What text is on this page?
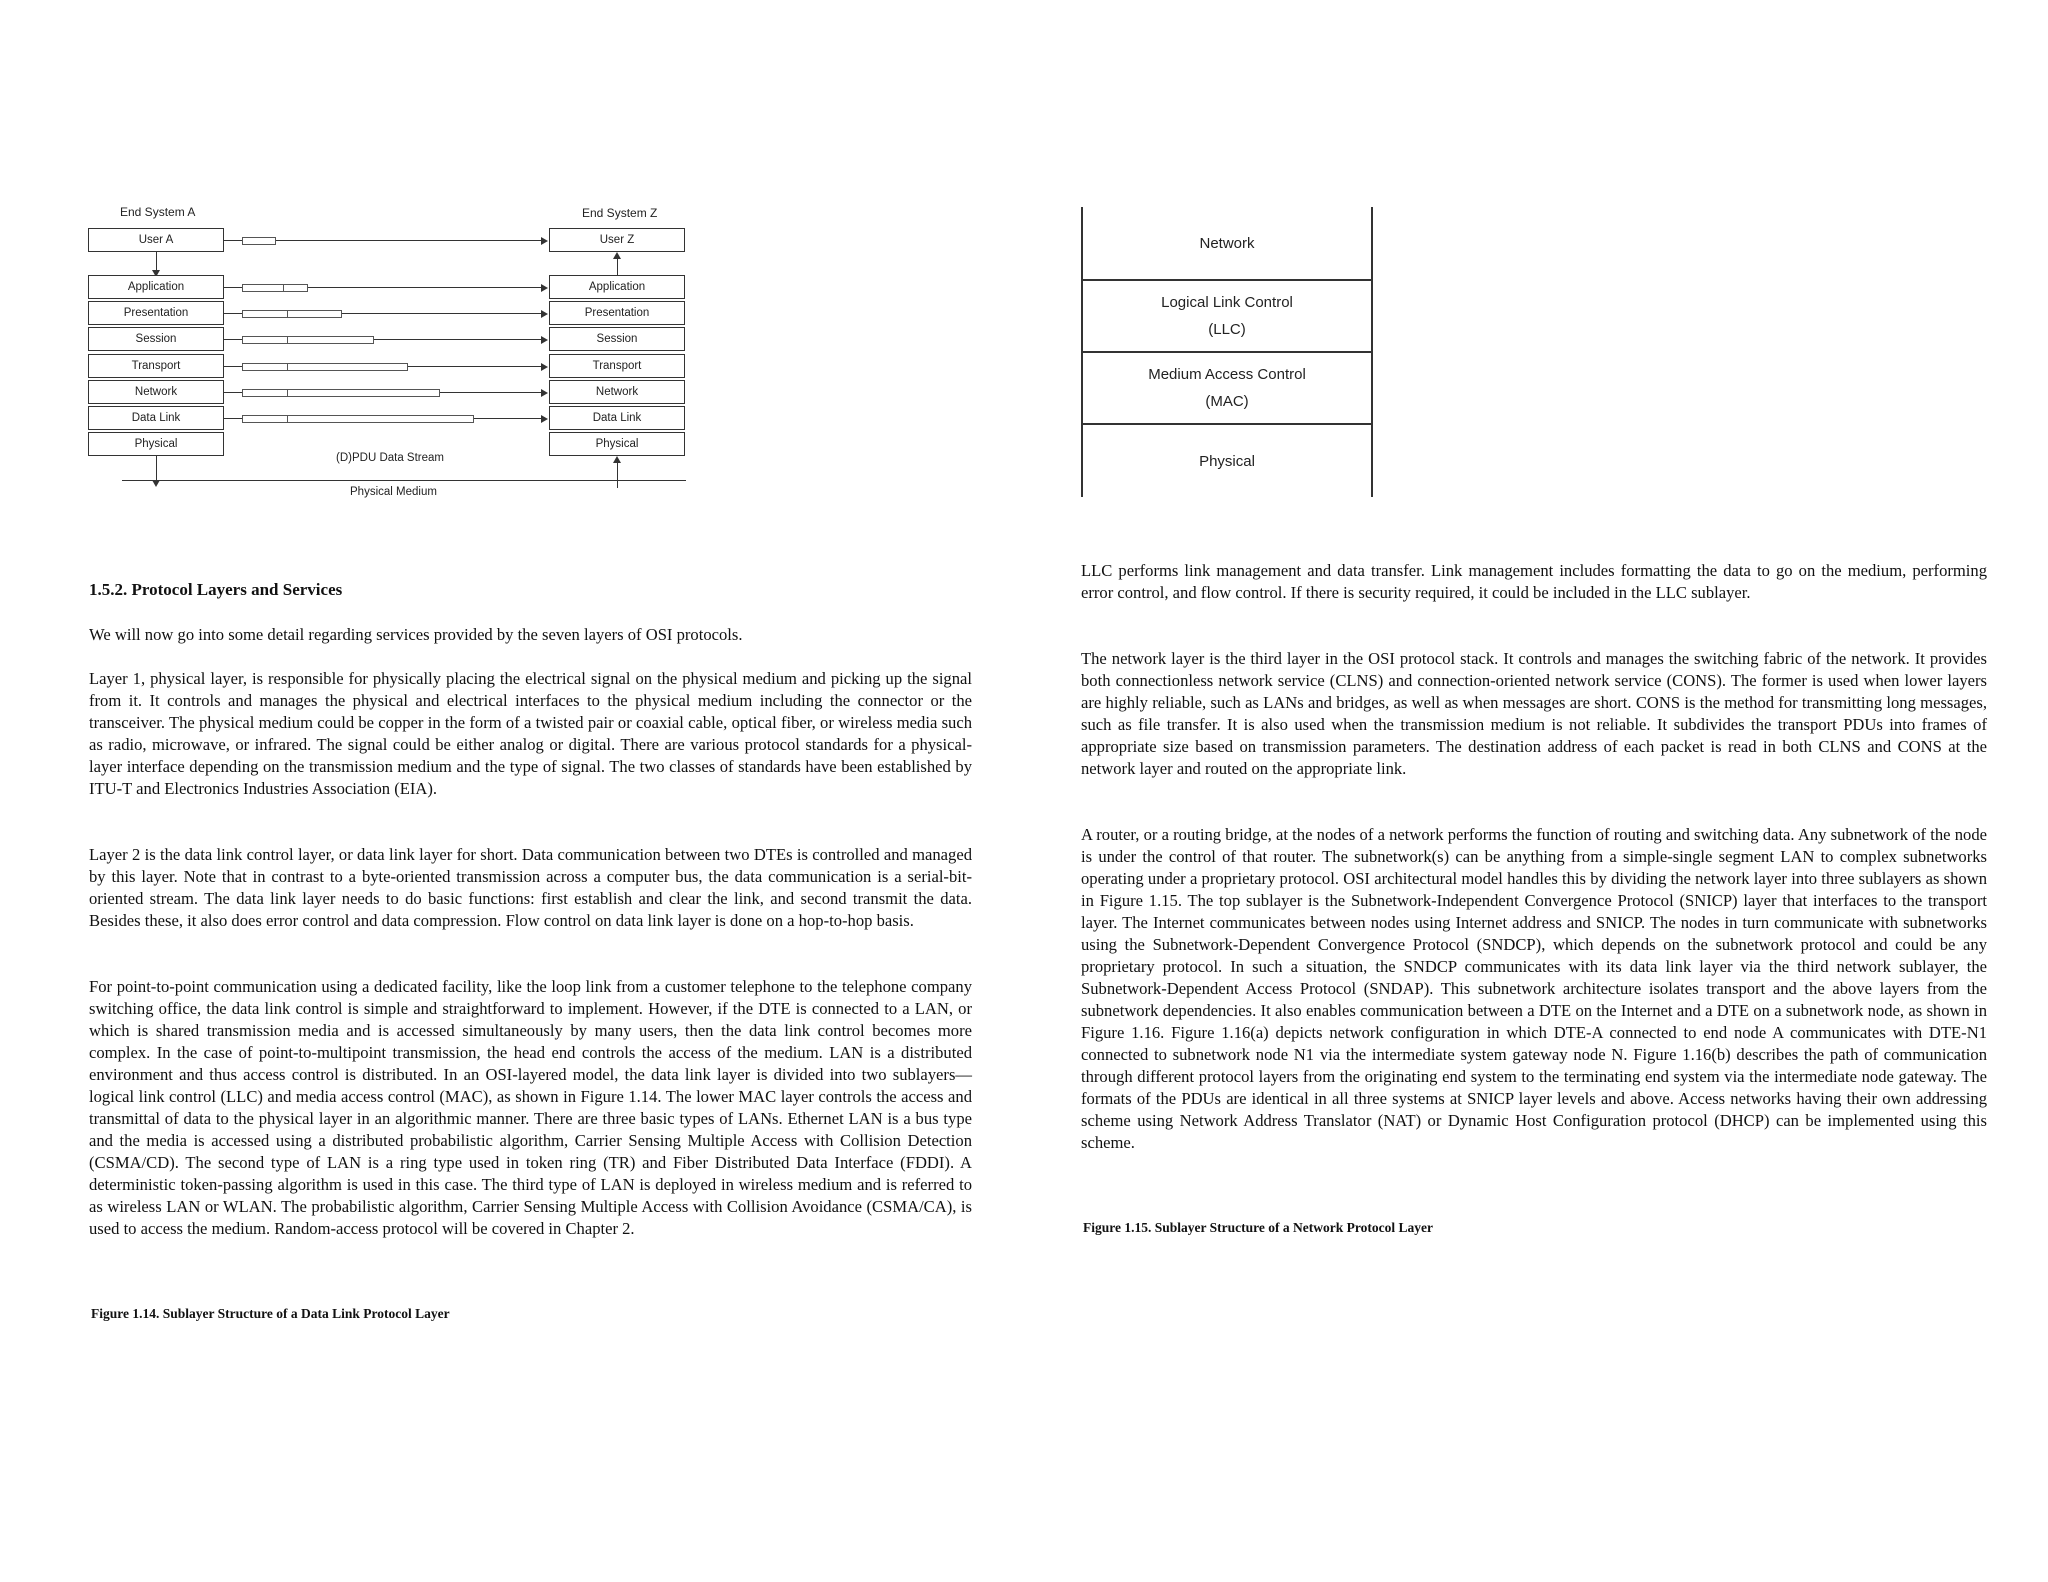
End System A	End System Z
User A	User Z
Application
Presentation
Session
Transport
Network
Data Link
Physical
Application
Presentation
Session
Transport
Network
Data Link
Physical
(D)PDU Data Stream
Physical Medium
1.5.2. Protocol Layers and Services

We will now go into some detail regarding services provided by the seven layers of OSI protocols.

Layer 1, physical layer, is responsible for physically placing the electrical signal on the physical medium and picking up the signal from it. It controls and manages the physical and electrical interfaces to the physical medium including the connector or the transceiver. The physical medium could be copper in the form of a twisted pair or coaxial cable, optical fiber, or wireless media such as radio, microwave, or infrared. The signal could be either analog or digital. There are various protocol standards for a physical-layer interface depending on the transmission medium and the type of signal. The two classes of standards have been established by ITU-T and Electronics Industries Association (EIA).

Layer 2 is the data link control layer, or data link layer for short. Data communication between two DTEs is controlled and managed by this layer. Note that in contrast to a byte-oriented transmission across a computer bus, the data communication is a serial-bit-oriented stream. The data link layer needs to do basic functions: first establish and clear the link, and second transmit the data. Besides these, it also does error control and data compression. Flow control on data link layer is done on a hop-to-hop basis.

For point-to-point communication using a dedicated facility, like the loop link from a customer telephone to the telephone company switching office, the data link control is simple and straightforward to implement. However, if the DTE is connected to a LAN, or which is shared transmission media and is accessed simultaneously by many users, then the data link control becomes more complex. In the case of point-to-multipoint transmission, the head end controls the access of the medium. LAN is a distributed environment and thus access control is distributed. In an OSI-layered model, the data link layer is divided into two sublayers—logical link control (LLC) and media access control (MAC), as shown in Figure 1.14. The lower MAC layer controls the access and transmittal of data to the physical layer in an algorithmic manner. There are three basic types of LANs. Ethernet LAN is a bus type and the media is accessed using a distributed probabilistic algorithm, Carrier Sensing Multiple Access with Collision Detection (CSMA/CD). The second type of LAN is a ring type used in token ring (TR) and Fiber Distributed Data Interface (FDDI). A deterministic token-passing algorithm is used in this case. The third type of LAN is deployed in wireless medium and is referred to as wireless LAN or WLAN. The probabilistic algorithm, Carrier Sensing Multiple Access with Collision Avoidance (CSMA/CA), is used to access the medium. Random-access protocol will be covered in Chapter 2.

Figure 1.14. Sublayer Structure of a Data Link Protocol Layer

Network
Logical Link Control
(LLC)
Medium Access Control
(MAC)
Physical

LLC performs link management and data transfer. Link management includes formatting the data to go on the medium, performing error control, and flow control. If there is security required, it could be included in the LLC sublayer.

The network layer is the third layer in the OSI protocol stack. It controls and manages the switching fabric of the network. It provides both connectionless network service (CLNS) and connection-oriented network service (CONS). The former is used when lower layers are highly reliable, such as LANs and bridges, as well as when messages are short. CONS is the method for transmitting long messages, such as file transfer. It is also used when the transmission medium is not reliable. It subdivides the transport PDUs into frames of appropriate size based on transmission parameters. The destination address of each packet is read in both CLNS and CONS at the network layer and routed on the appropriate link.

A router, or a routing bridge, at the nodes of a network performs the function of routing and switching data. Any subnetwork of the node is under the control of that router. The subnetwork(s) can be anything from a simple-single segment LAN to complex subnetworks operating under a proprietary protocol. OSI architectural model handles this by dividing the network layer into three sublayers as shown in Figure 1.15. The top sublayer is the Subnetwork-Independent Convergence Protocol (SNICP) layer that interfaces to the transport layer. The Internet communicates between nodes using Internet address and SNICP. The nodes in turn communicate with subnetworks using the Subnetwork-Dependent Convergence Protocol (SNDCP), which depends on the subnetwork protocol and could be any proprietary protocol. In such a situation, the SNDCP communicates with its data link layer via the third network sublayer, the Subnetwork-Dependent Access Protocol (SNDAP). This subnetwork architecture isolates transport and the above layers from the subnetwork dependencies. It also enables communication between a DTE on the Internet and a DTE on a subnetwork node, as shown in Figure 1.16. Figure 1.16(a) depicts network configuration in which DTE-A connected to end node A communicates with DTE-N1 connected to subnetwork node N1 via the intermediate system gateway node N. Figure 1.16(b) describes the path of communication through different protocol layers from the originating end system to the terminating end system via the intermediate node gateway. The formats of the PDUs are identical in all three systems at SNICP layer levels and above. Access networks having their own addressing scheme using Network Address Translator (NAT) or Dynamic Host Configuration protocol (DHCP) can be implemented using this scheme.

Figure 1.15. Sublayer Structure of a Network Protocol Layer
